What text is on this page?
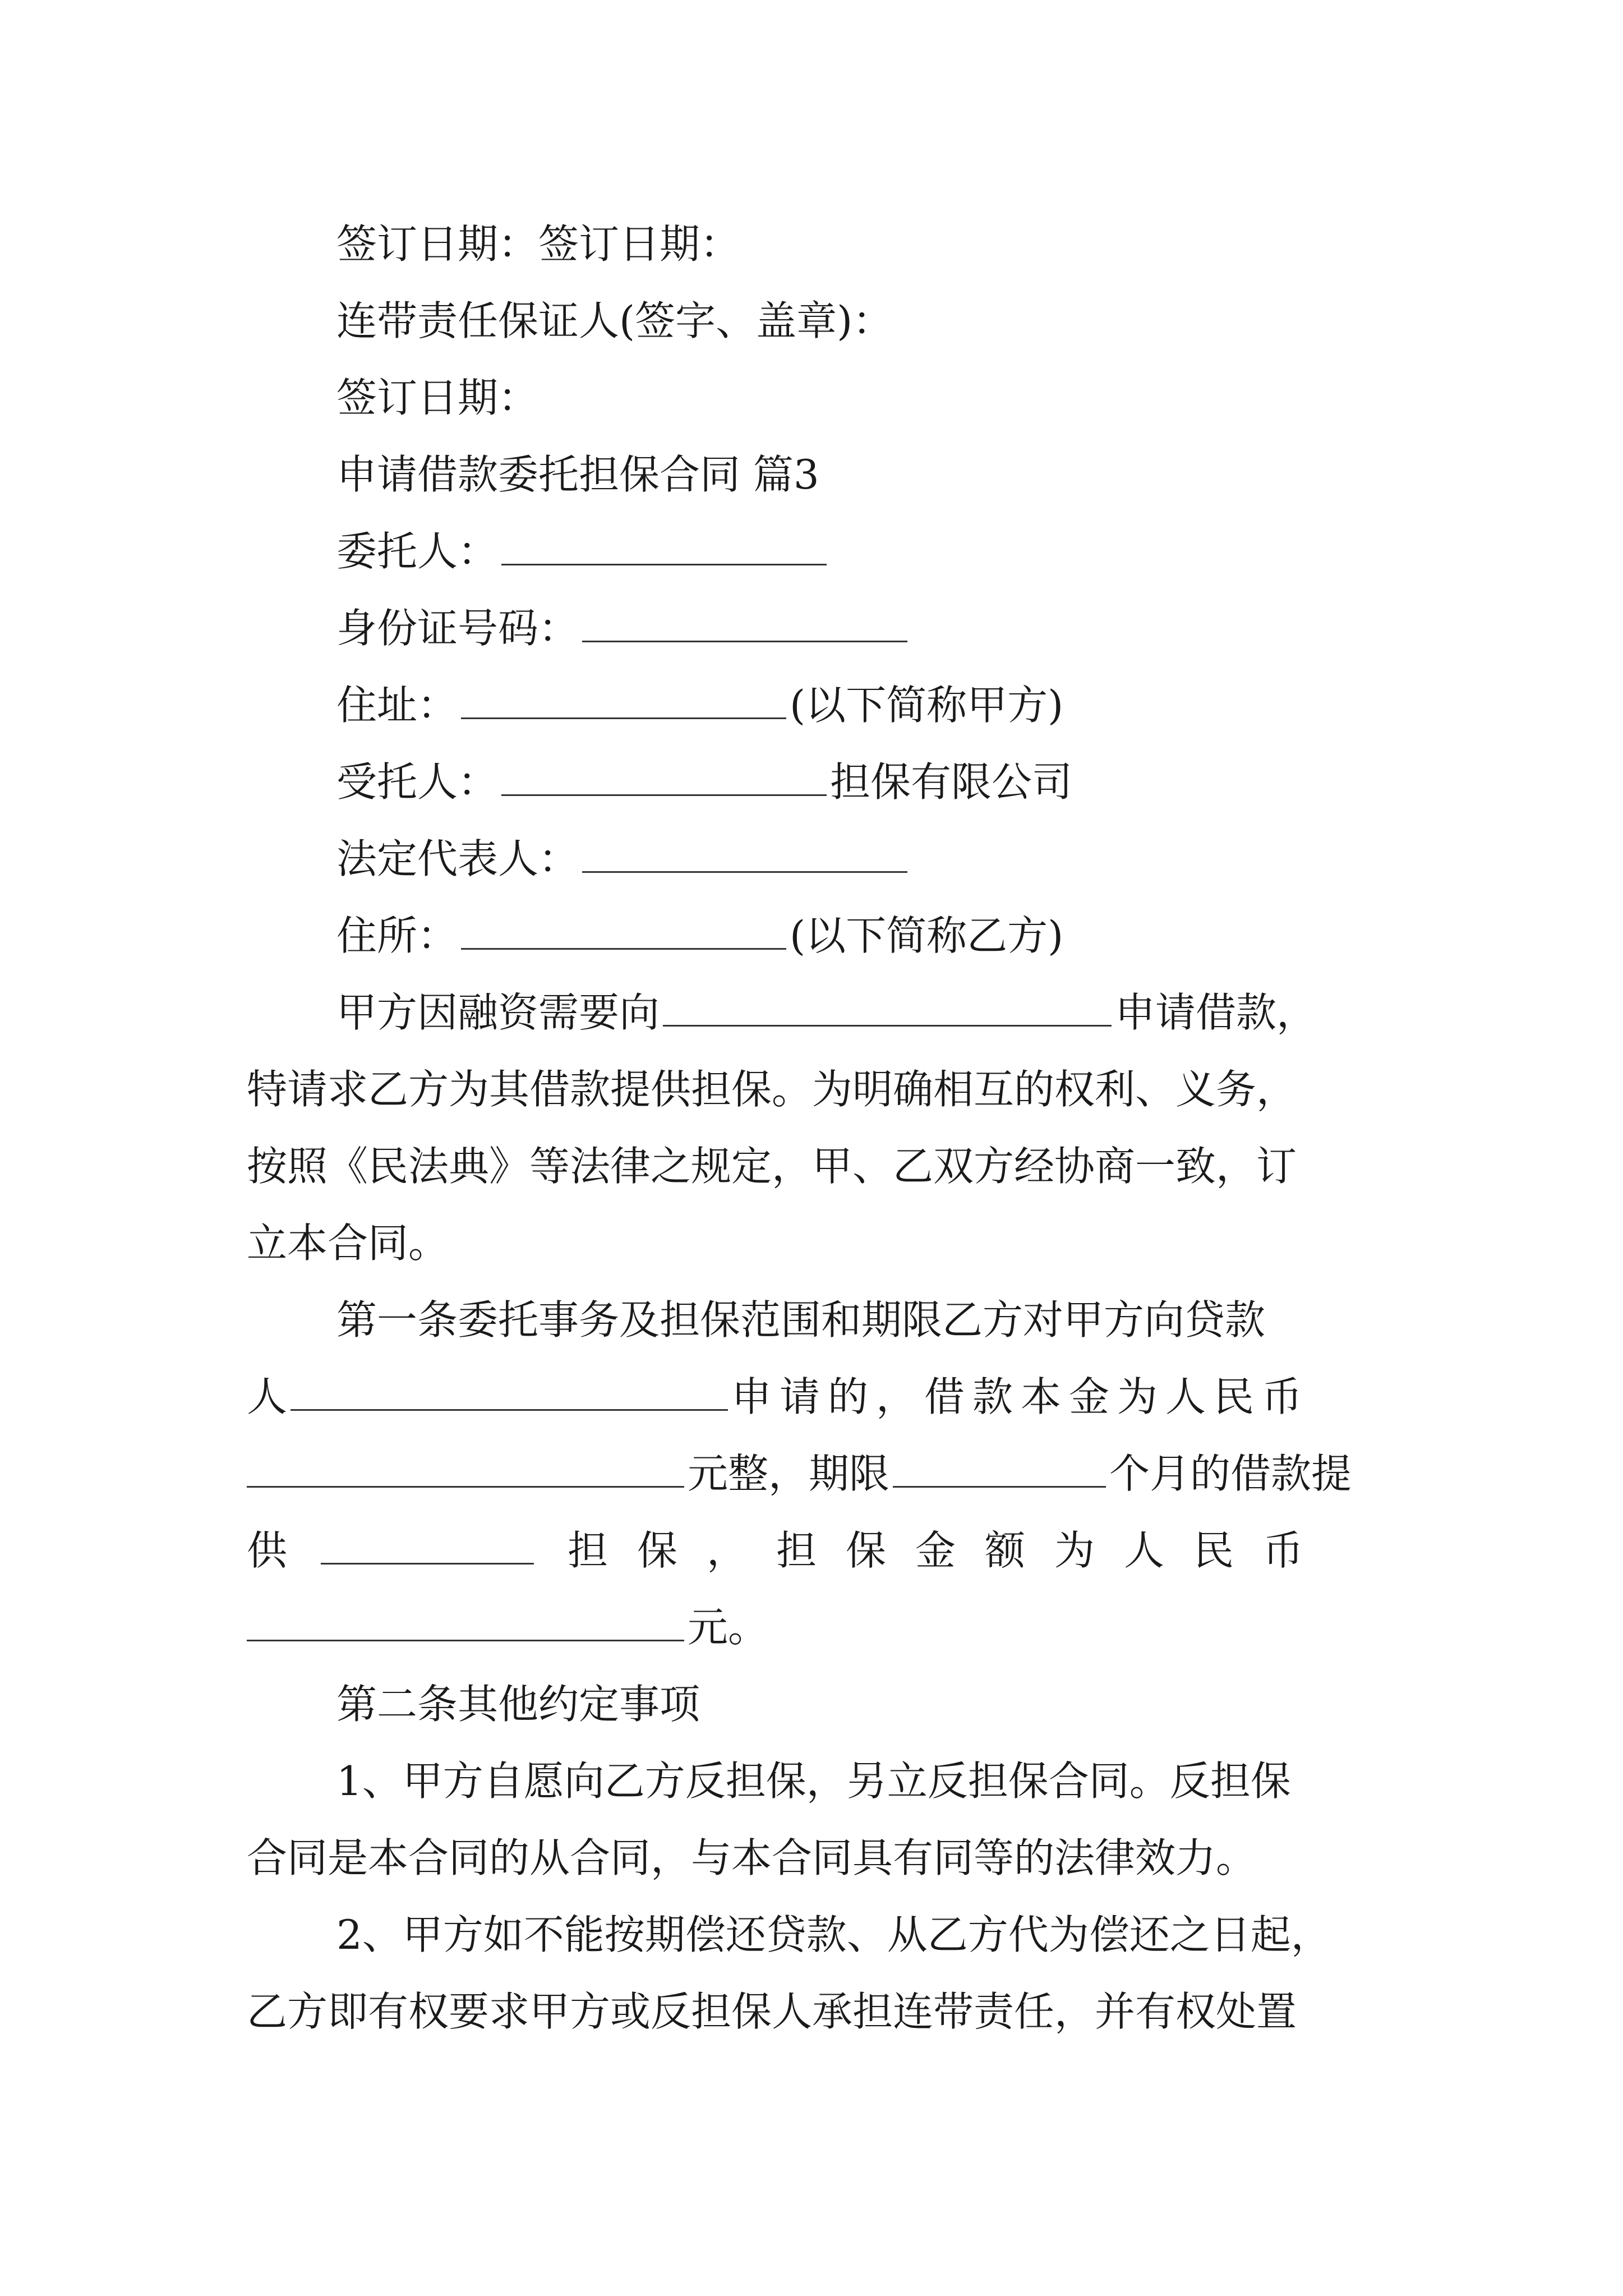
签订日期：签订日期：
连带责任保证人(签字、盖章)：
签订日期：
申请借款委托担保合同 篇3
委托人：
身份证号码：
住址：	(以下简称甲方)
受托人：	担保有限公司
法定代表人：
住所：	(以下简称乙方)
甲方因融资需要向	申请借款，
特请求乙方为其借款提供担保。为明确相互的权利、义务，
按照《民法典》等法律之规定，甲、乙双方经协商一致，订
立本合同。
第一条委托事务及担保范围和期限乙方对甲方向贷款
人	申请的，借款本金为人民币
元整，期限	个月的借款提
供	担保，担保金额为人民币
元。
第二条其他约定事项
1、甲方自愿向乙方反担保，另立反担保合同。反担保
合同是本合同的从合同，与本合同具有同等的法律效力。
2、甲方如不能按期偿还贷款、从乙方代为偿还之日起，
乙方即有权要求甲方或反担保人承担连带责任，并有权处置
